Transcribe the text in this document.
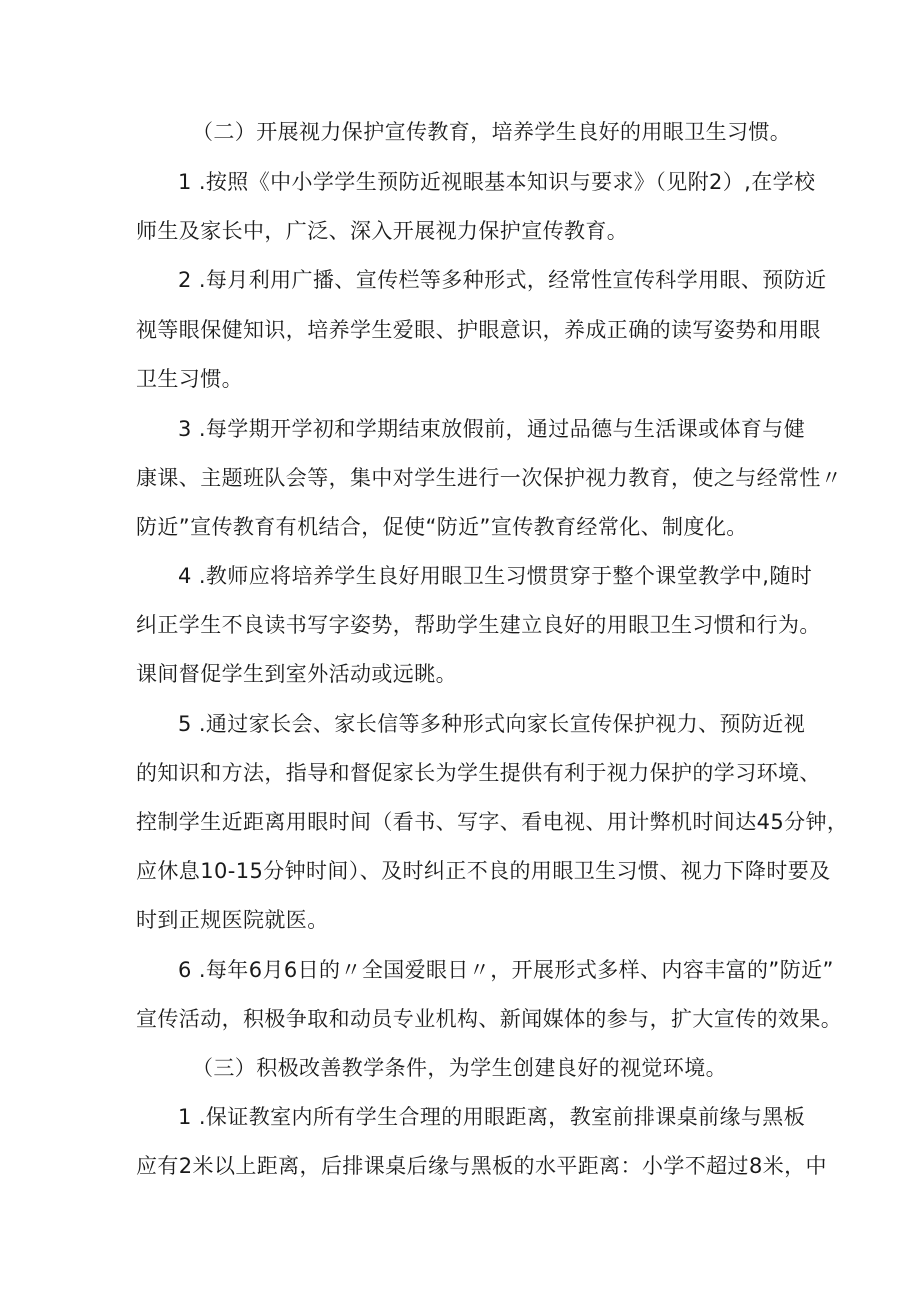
（二）开展视力保护宣传教育，培养学生良好的用眼卫生习惯。
1 .按照《中小学学生预防近视眼基本知识与要求》（见附2）,在学校
师生及家长中，广泛、深入开展视力保护宣传教育。
2 .每月利用广播、宣传栏等多种形式，经常性宣传科学用眼、预防近
视等眼保健知识，培养学生爱眼、护眼意识，养成正确的读写姿势和用眼
卫生习惯。
3 .每学期开学初和学期结束放假前，通过品德与生活课或体育与健
康课、主题班队会等，集中对学生进行一次保护视力教育，使之与经常性〃
防近”宣传教育有机结合，促使“防近”宣传教育经常化、制度化。
4 .教师应将培养学生良好用眼卫生习惯贯穿于整个课堂教学中,随时
纠正学生不良读书写字姿势，帮助学生建立良好的用眼卫生习惯和行为。
课间督促学生到室外活动或远眺。
5 .通过家长会、家长信等多种形式向家长宣传保护视力、预防近视
的知识和方法，指导和督促家长为学生提供有利于视力保护的学习环境、
控制学生近距离用眼时间（看书、写字、看电视、用计弊机时间达45分钟，
应休息10-15分钟时间）、及时纠正不良的用眼卫生习惯、视力下降时要及
时到正规医院就医。
6 .每年6月6日的〃全国爱眼日〃，开展形式多样、内容丰富的”防近”
宣传活动，积极争取和动员专业机构、新闻媒体的参与，扩大宣传的效果。
（三）积极改善教学条件，为学生创建良好的视觉环境。
1 .保证教室内所有学生合理的用眼距离，教室前排课桌前缘与黑板
应有2米以上距离，后排课桌后缘与黑板的水平距离：小学不超过8米，中
